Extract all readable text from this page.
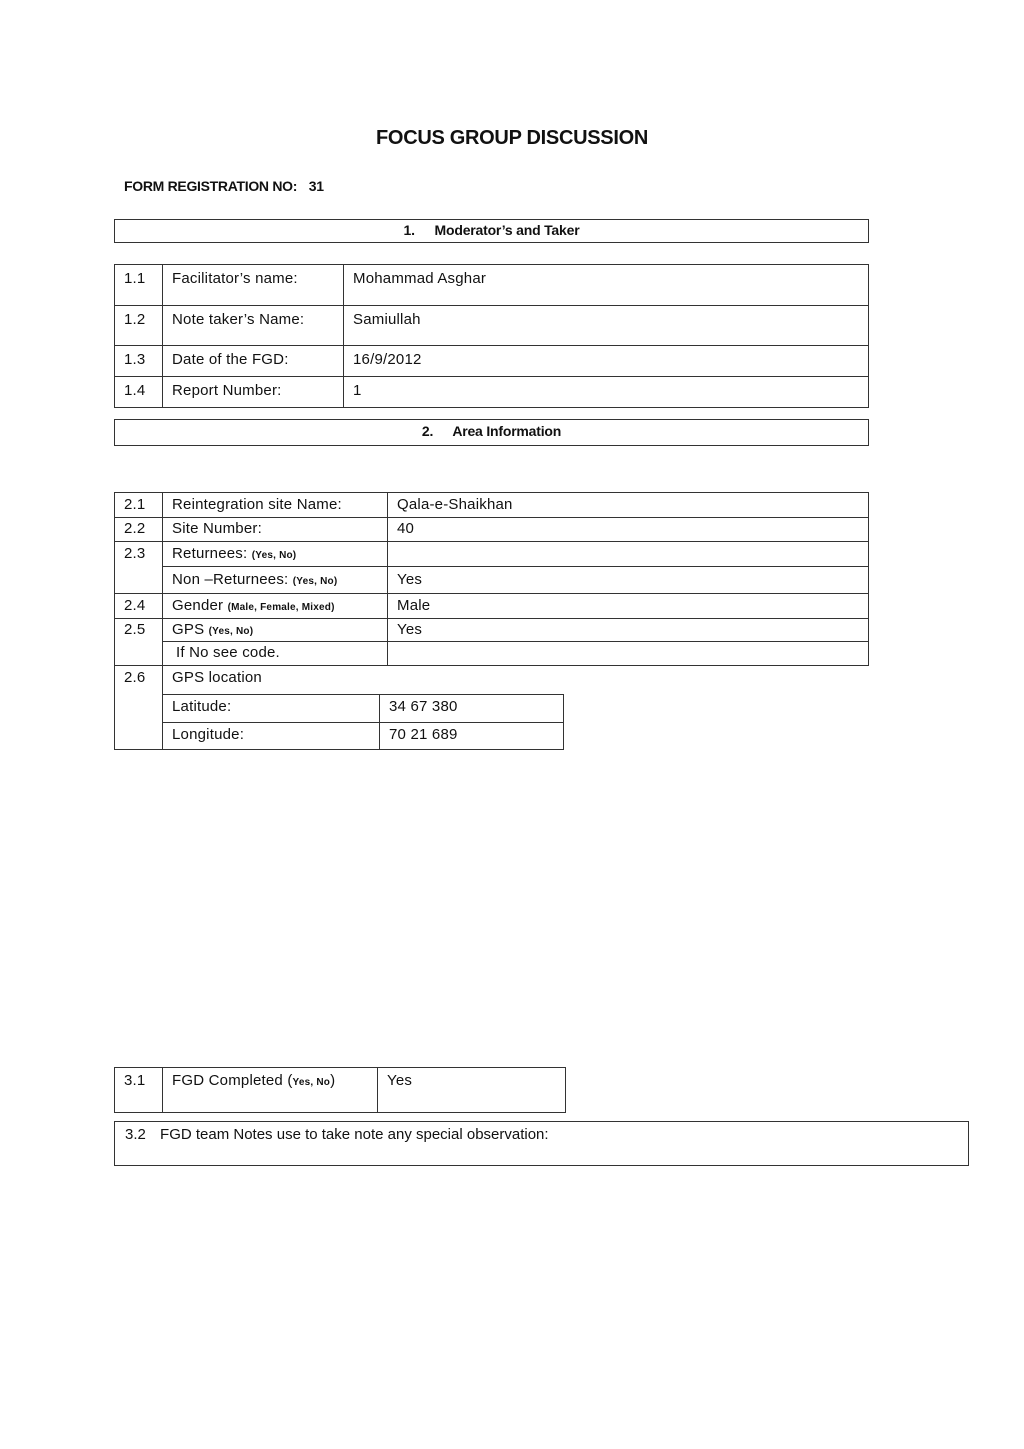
FOCUS GROUP DISCUSSION
FORM REGISTRATION NO: 31
1. Moderator’s and Taker
1.1	Facilitator’s name:	Mohammad Asghar
1.2	Note taker’s Name:	Samiullah
1.3	Date of the FGD:	16/9/2012
1.4	Report Number:	1
2. Area Information
2.1	Reintegration site Name:	Qala-e-Shaikhan
2.2	Site Number:	40
2.3	Returnees: (Yes, No)	
	Non –Returnees: (Yes, No)	Yes
2.4	Gender (Male, Female, Mixed)	Male
2.5	GPS (Yes, No)	Yes
	If No see code.	
2.6	GPS location	
	Latitude:	34 67 380
	Longitude:	70 21 689
3.1	FGD Completed (Yes, No)	Yes
3.2 FGD team Notes use to take note any special observation:
